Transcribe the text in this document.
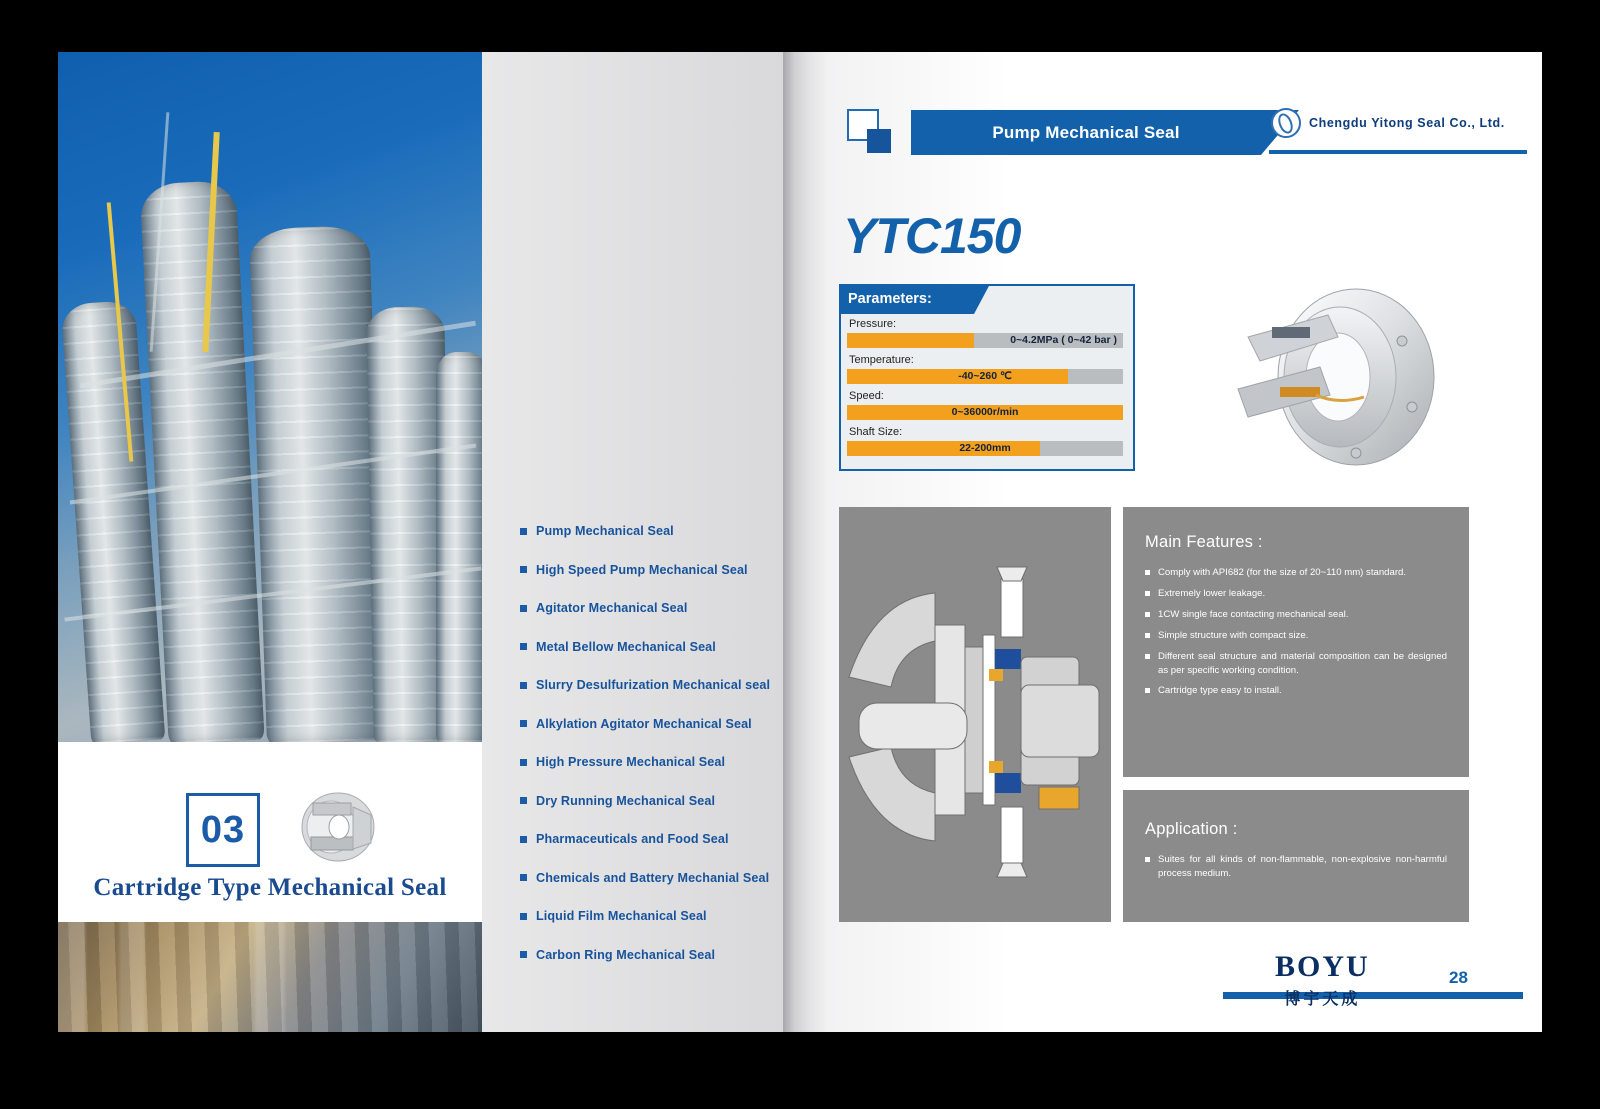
03
Cartridge Type Mechanical Seal
Pump Mechanical Seal
High Speed Pump Mechanical Seal
Agitator Mechanical Seal
Metal Bellow Mechanical Seal
Slurry Desulfurization Mechanical seal
Alkylation Agitator Mechanical Seal
High Pressure Mechanical Seal
Dry Running Mechanical Seal
Pharmaceuticals and Food Seal
Chemicals and Battery Mechanial Seal
Liquid Film Mechanical Seal
Carbon Ring Mechanical Seal
Pump Mechanical Seal	Chengdu Yitong Seal Co., Ltd.
YTC150
Parameters:
Pressure:
0~4.2MPa ( 0~42 bar )
Temperature:
-40~260 ℃
Speed:
0~36000r/min
Shaft Size:
22-200mm
Main Features :
Comply with API682 (for the size of 20~110 mm) standard.
Extremely lower leakage.
1CW single face contacting mechanical seal.
Simple structure with compact size.
Different seal structure and material composition can be designed as per specific working condition.
Cartridge type easy to install.
Application :
Suites for all kinds of non-flammable, non-explosive non-harmful process medium.
BOYU
博宇天成
28
